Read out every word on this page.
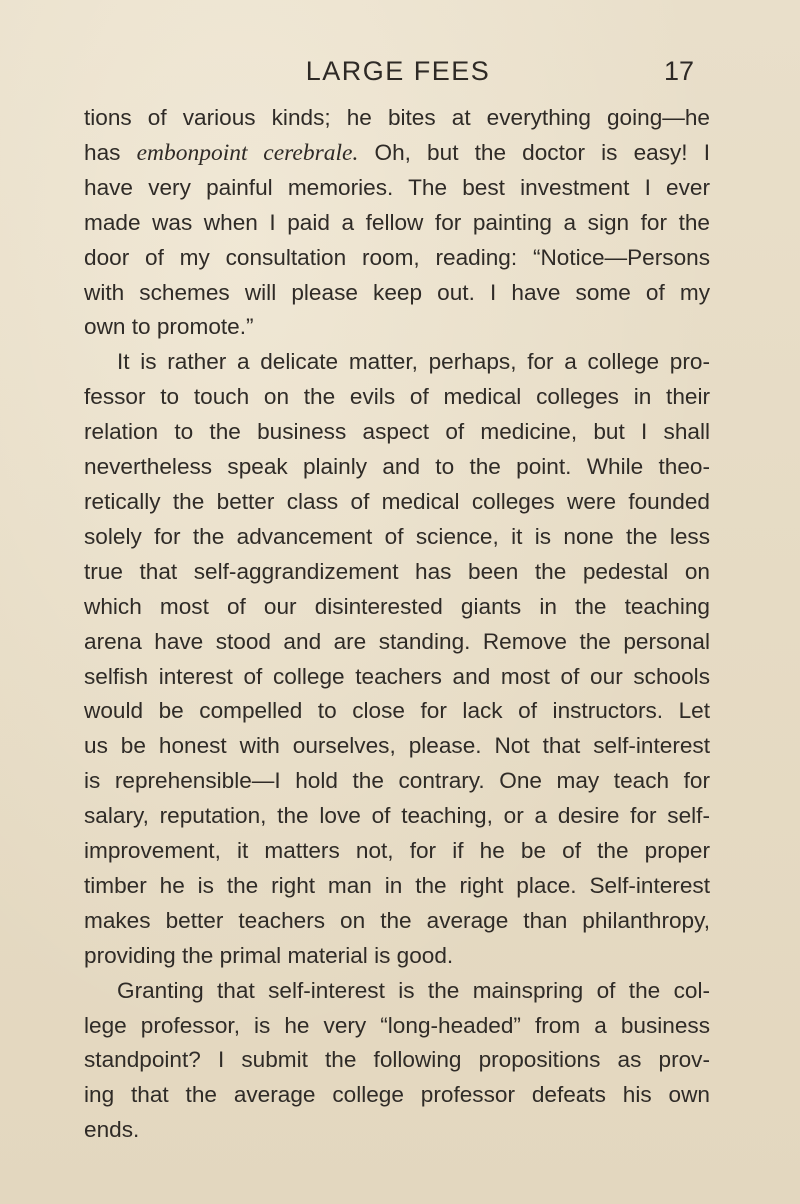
LARGE FEES	17
tions of various kinds; he bites at everything going—he
has embonpoint cerebrale. Oh, but the doctor is easy! I
have very painful memories. The best investment I ever
made was when I paid a fellow for painting a sign for the
door of my consultation room, reading: “Notice—Persons
with schemes will please keep out. I have some of my
own to promote.”
It is rather a delicate matter, perhaps, for a college pro-
fessor to touch on the evils of medical colleges in their
relation to the business aspect of medicine, but I shall
nevertheless speak plainly and to the point. While theo-
retically the better class of medical colleges were founded
solely for the advancement of science, it is none the less
true that self-aggrandizement has been the pedestal on
which most of our disinterested giants in the teaching
arena have stood and are standing. Remove the personal
selfish interest of college teachers and most of our schools
would be compelled to close for lack of instructors. Let
us be honest with ourselves, please. Not that self-interest
is reprehensible—I hold the contrary. One may teach for
salary, reputation, the love of teaching, or a desire for self-
improvement, it matters not, for if he be of the proper
timber he is the right man in the right place. Self-interest
makes better teachers on the average than philanthropy,
providing the primal material is good.
Granting that self-interest is the mainspring of the col-
lege professor, is he very “long-headed” from a business
standpoint? I submit the following propositions as prov-
ing that the average college professor defeats his own
ends.
